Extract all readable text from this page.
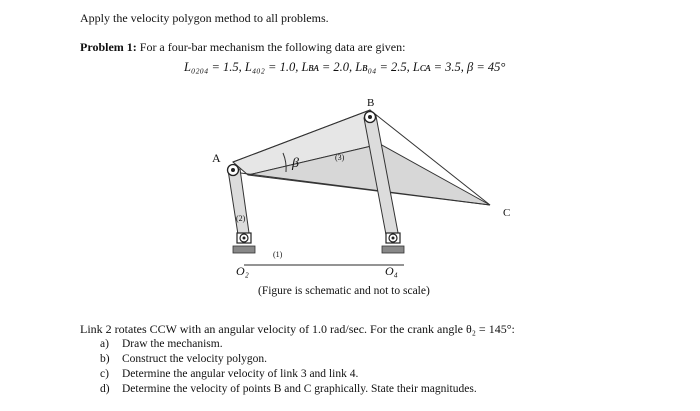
Apply the velocity polygon method to all problems.
Problem 1: For a four-bar mechanism the following data are given:
L₀₂₀₄ = 1.5, L₄₀₂ = 1.0, Lʙᴀ = 2.0, Lʙ₀₄ = 2.5, Lᴄᴀ = 3.5, β = 45°
A
B
C
β	(3)
(2)
(1)
O₂	O₄
(Figure is schematic and not to scale)
Link 2 rotates CCW with an angular velocity of 1.0 rad/sec. For the crank angle θ₂ = 145°:
a) Draw the mechanism.
b) Construct the velocity polygon.
c) Determine the angular velocity of link 3 and link 4.
d) Determine the velocity of points B and C graphically. State their magnitudes.
